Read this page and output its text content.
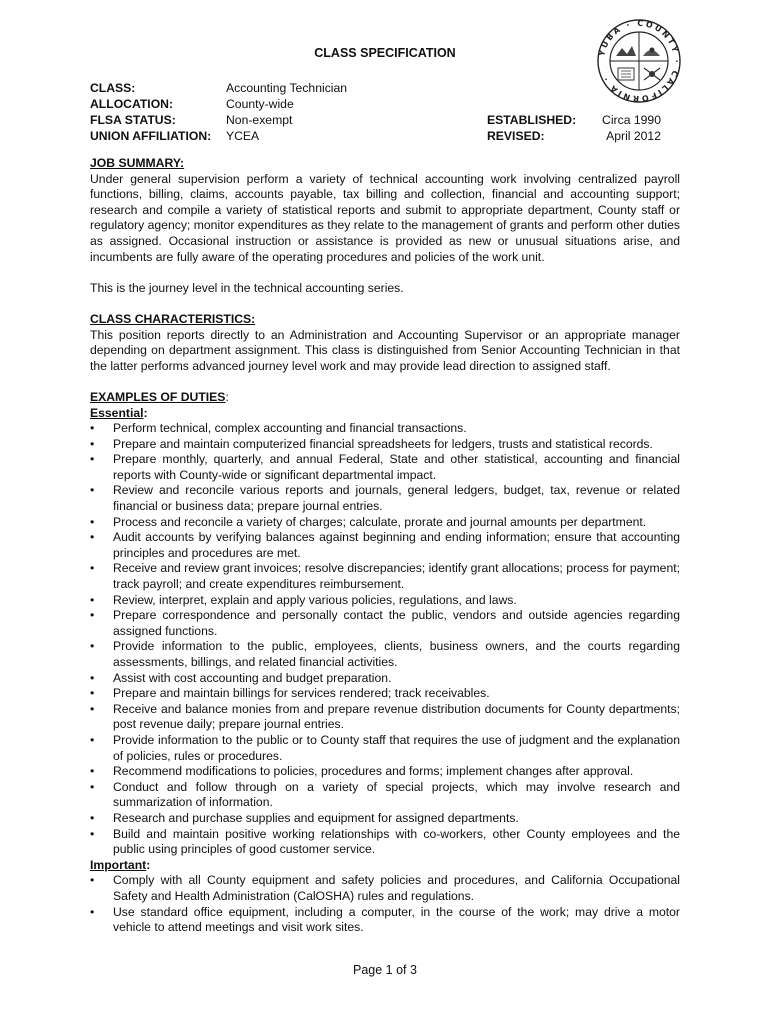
CLASS SPECIFICATION	YUBA · COUNTY · CALIFORNIA ·
CLASS:	Accounting Technician
ALLOCATION:	County-wide
FLSA STATUS:	Non-exempt
UNION AFFILIATION:	YCEA
ESTABLISHED:	Circa 1990
REVISED:	April 2012
JOB SUMMARY:

Under general supervision perform a variety of technical accounting work involving centralized payroll functions, billing, claims, accounts payable, tax billing and collection, financial and accounting support; research and compile a variety of statistical reports and submit to appropriate department, County staff or regulatory agency; monitor expenditures as they relate to the management of grants and perform other duties as assigned. Occasional instruction or assistance is provided as new or unusual situations arise, and incumbents are fully aware of the operating procedures and policies of the work unit.

This is the journey level in the technical accounting series.

CLASS CHARACTERISTICS:

This position reports directly to an Administration and Accounting Supervisor or an appropriate manager depending on department assignment. This class is distinguished from Senior Accounting Technician in that the latter performs advanced journey level work and may provide lead direction to assigned staff.

EXAMPLES OF DUTIES:
Essential:
• Perform technical, complex accounting and financial transactions.
• Prepare and maintain computerized financial spreadsheets for ledgers, trusts and statistical records.
• Prepare monthly, quarterly, and annual Federal, State and other statistical, accounting and financial reports with County-wide or significant departmental impact.
• Review and reconcile various reports and journals, general ledgers, budget, tax, revenue or related financial or business data; prepare journal entries.
• Process and reconcile a variety of charges; calculate, prorate and journal amounts per department.
• Audit accounts by verifying balances against beginning and ending information; ensure that accounting principles and procedures are met.
• Receive and review grant invoices; resolve discrepancies; identify grant allocations; process for payment; track payroll; and create expenditures reimbursement.
• Review, interpret, explain and apply various policies, regulations, and laws.
• Prepare correspondence and personally contact the public, vendors and outside agencies regarding assigned functions.
• Provide information to the public, employees, clients, business owners, and the courts regarding assessments, billings, and related financial activities.
• Assist with cost accounting and budget preparation.
• Prepare and maintain billings for services rendered; track receivables.
• Receive and balance monies from and prepare revenue distribution documents for County departments; post revenue daily; prepare journal entries.
• Provide information to the public or to County staff that requires the use of judgment and the explanation of policies, rules or procedures.
• Recommend modifications to policies, procedures and forms; implement changes after approval.
• Conduct and follow through on a variety of special projects, which may involve research and summarization of information.
• Research and purchase supplies and equipment for assigned departments.
• Build and maintain positive working relationships with co-workers, other County employees and the public using principles of good customer service.
Important:
• Comply with all County equipment and safety policies and procedures, and California Occupational Safety and Health Administration (CalOSHA) rules and regulations.
• Use standard office equipment, including a computer, in the course of the work; may drive a motor vehicle to attend meetings and visit work sites.
Page 1 of 3
